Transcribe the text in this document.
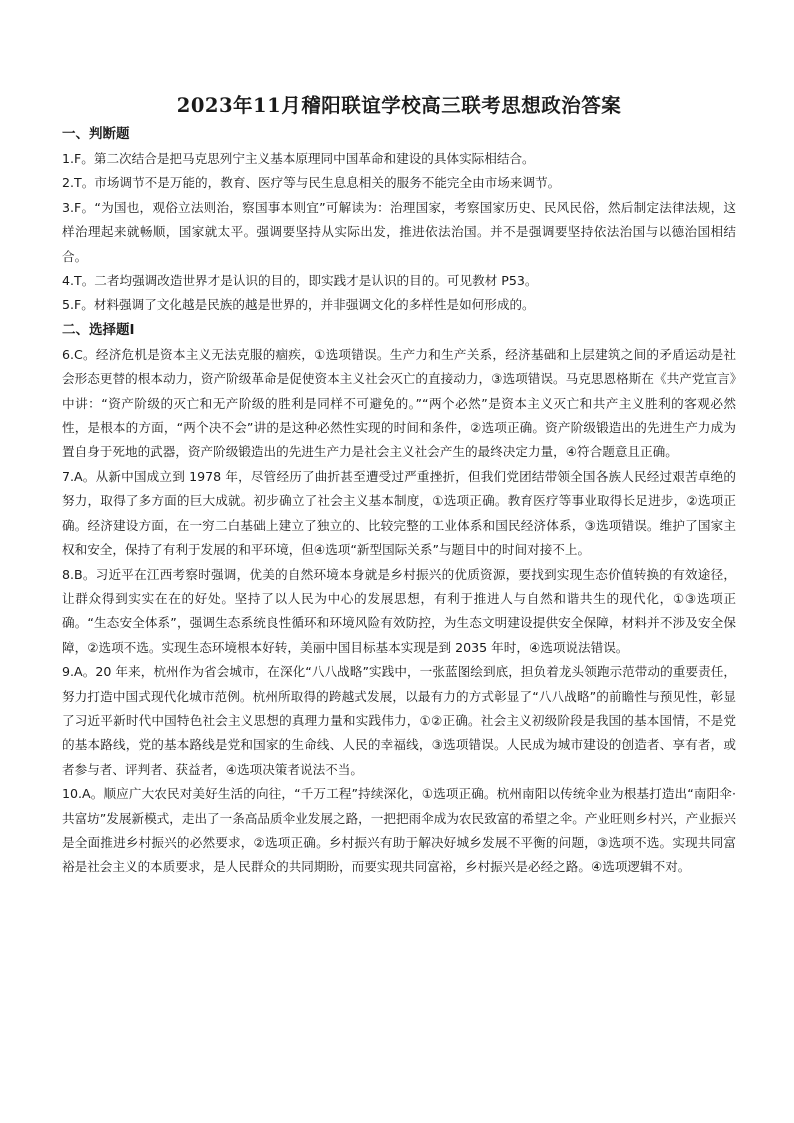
2023年11月稽阳联谊学校高三联考思想政治答案

一、判断题

1.F。第二次结合是把马克思列宁主义基本原理同中国革命和建设的具体实际相结合。

2.T。市场调节不是万能的，教育、医疗等与民生息息相关的服务不能完全由市场来调节。

3.F。“为国也，观俗立法则治，察国事本则宜”可解读为：治理国家，考察国家历史、民风民俗，然后制定法律法规，这样治理起来就畅顺，国家就太平。强调要坚持从实际出发，推进依法治国。并不是强调要坚持依法治国与以德治国相结合。

4.T。二者均强调改造世界才是认识的目的，即实践才是认识的目的。可见教材 P53。

5.F。材料强调了文化越是民族的越是世界的，并非强调文化的多样性是如何形成的。

二、选择题Ⅰ

6.C。经济危机是资本主义无法克服的痼疾，①选项错误。生产力和生产关系，经济基础和上层建筑之间的矛盾运动是社会形态更替的根本动力，资产阶级革命是促使资本主义社会灭亡的直接动力，③选项错误。马克思恩格斯在《共产党宣言》中讲：“资产阶级的灭亡和无产阶级的胜利是同样不可避免的。”“两个必然”是资本主义灭亡和共产主义胜利的客观必然性，是根本的方面，“两个决不会”讲的是这种必然性实现的时间和条件，②选项正确。资产阶级锻造出的先进生产力成为置自身于死地的武器，资产阶级锻造出的先进生产力是社会主义社会产生的最终决定力量，④符合题意且正确。

7.A。从新中国成立到 1978 年，尽管经历了曲折甚至遭受过严重挫折，但我们党团结带领全国各族人民经过艰苦卓绝的努力，取得了多方面的巨大成就。初步确立了社会主义基本制度，①选项正确。教育医疗等事业取得长足进步，②选项正确。经济建设方面，在一穷二白基础上建立了独立的、比较完整的工业体系和国民经济体系，③选项错误。维护了国家主权和安全，保持了有利于发展的和平环境，但④选项“新型国际关系”与题目中的时间对接不上。

8.B。习近平在江西考察时强调，优美的自然环境本身就是乡村振兴的优质资源，要找到实现生态价值转换的有效途径，让群众得到实实在在的好处。坚持了以人民为中心的发展思想，有利于推进人与自然和谐共生的现代化，①③选项正确。“生态安全体系”，强调生态系统良性循环和环境风险有效防控，为生态文明建设提供安全保障，材料并不涉及安全保障，②选项不选。实现生态环境根本好转，美丽中国目标基本实现是到 2035 年时，④选项说法错误。

9.A。20 年来，杭州作为省会城市，在深化“八八战略”实践中，一张蓝图绘到底，担负着龙头领跑示范带动的重要责任，努力打造中国式现代化城市范例。杭州所取得的跨越式发展，以最有力的方式彰显了“八八战略”的前瞻性与预见性，彰显了习近平新时代中国特色社会主义思想的真理力量和实践伟力，①②正确。社会主义初级阶段是我国的基本国情，不是党的基本路线，党的基本路线是党和国家的生命线、人民的幸福线，③选项错误。人民成为城市建设的创造者、享有者，或者参与者、评判者、获益者，④选项决策者说法不当。

10.A。顺应广大农民对美好生活的向往，“千万工程”持续深化，①选项正确。杭州南阳以传统伞业为根基打造出“南阳伞·共富坊”发展新模式，走出了一条高品质伞业发展之路，一把把雨伞成为农民致富的希望之伞。产业旺则乡村兴，产业振兴是全面推进乡村振兴的必然要求，②选项正确。乡村振兴有助于解决好城乡发展不平衡的问题，③选项不选。实现共同富裕是社会主义的本质要求，是人民群众的共同期盼，而要实现共同富裕，乡村振兴是必经之路。④选项逻辑不对。
